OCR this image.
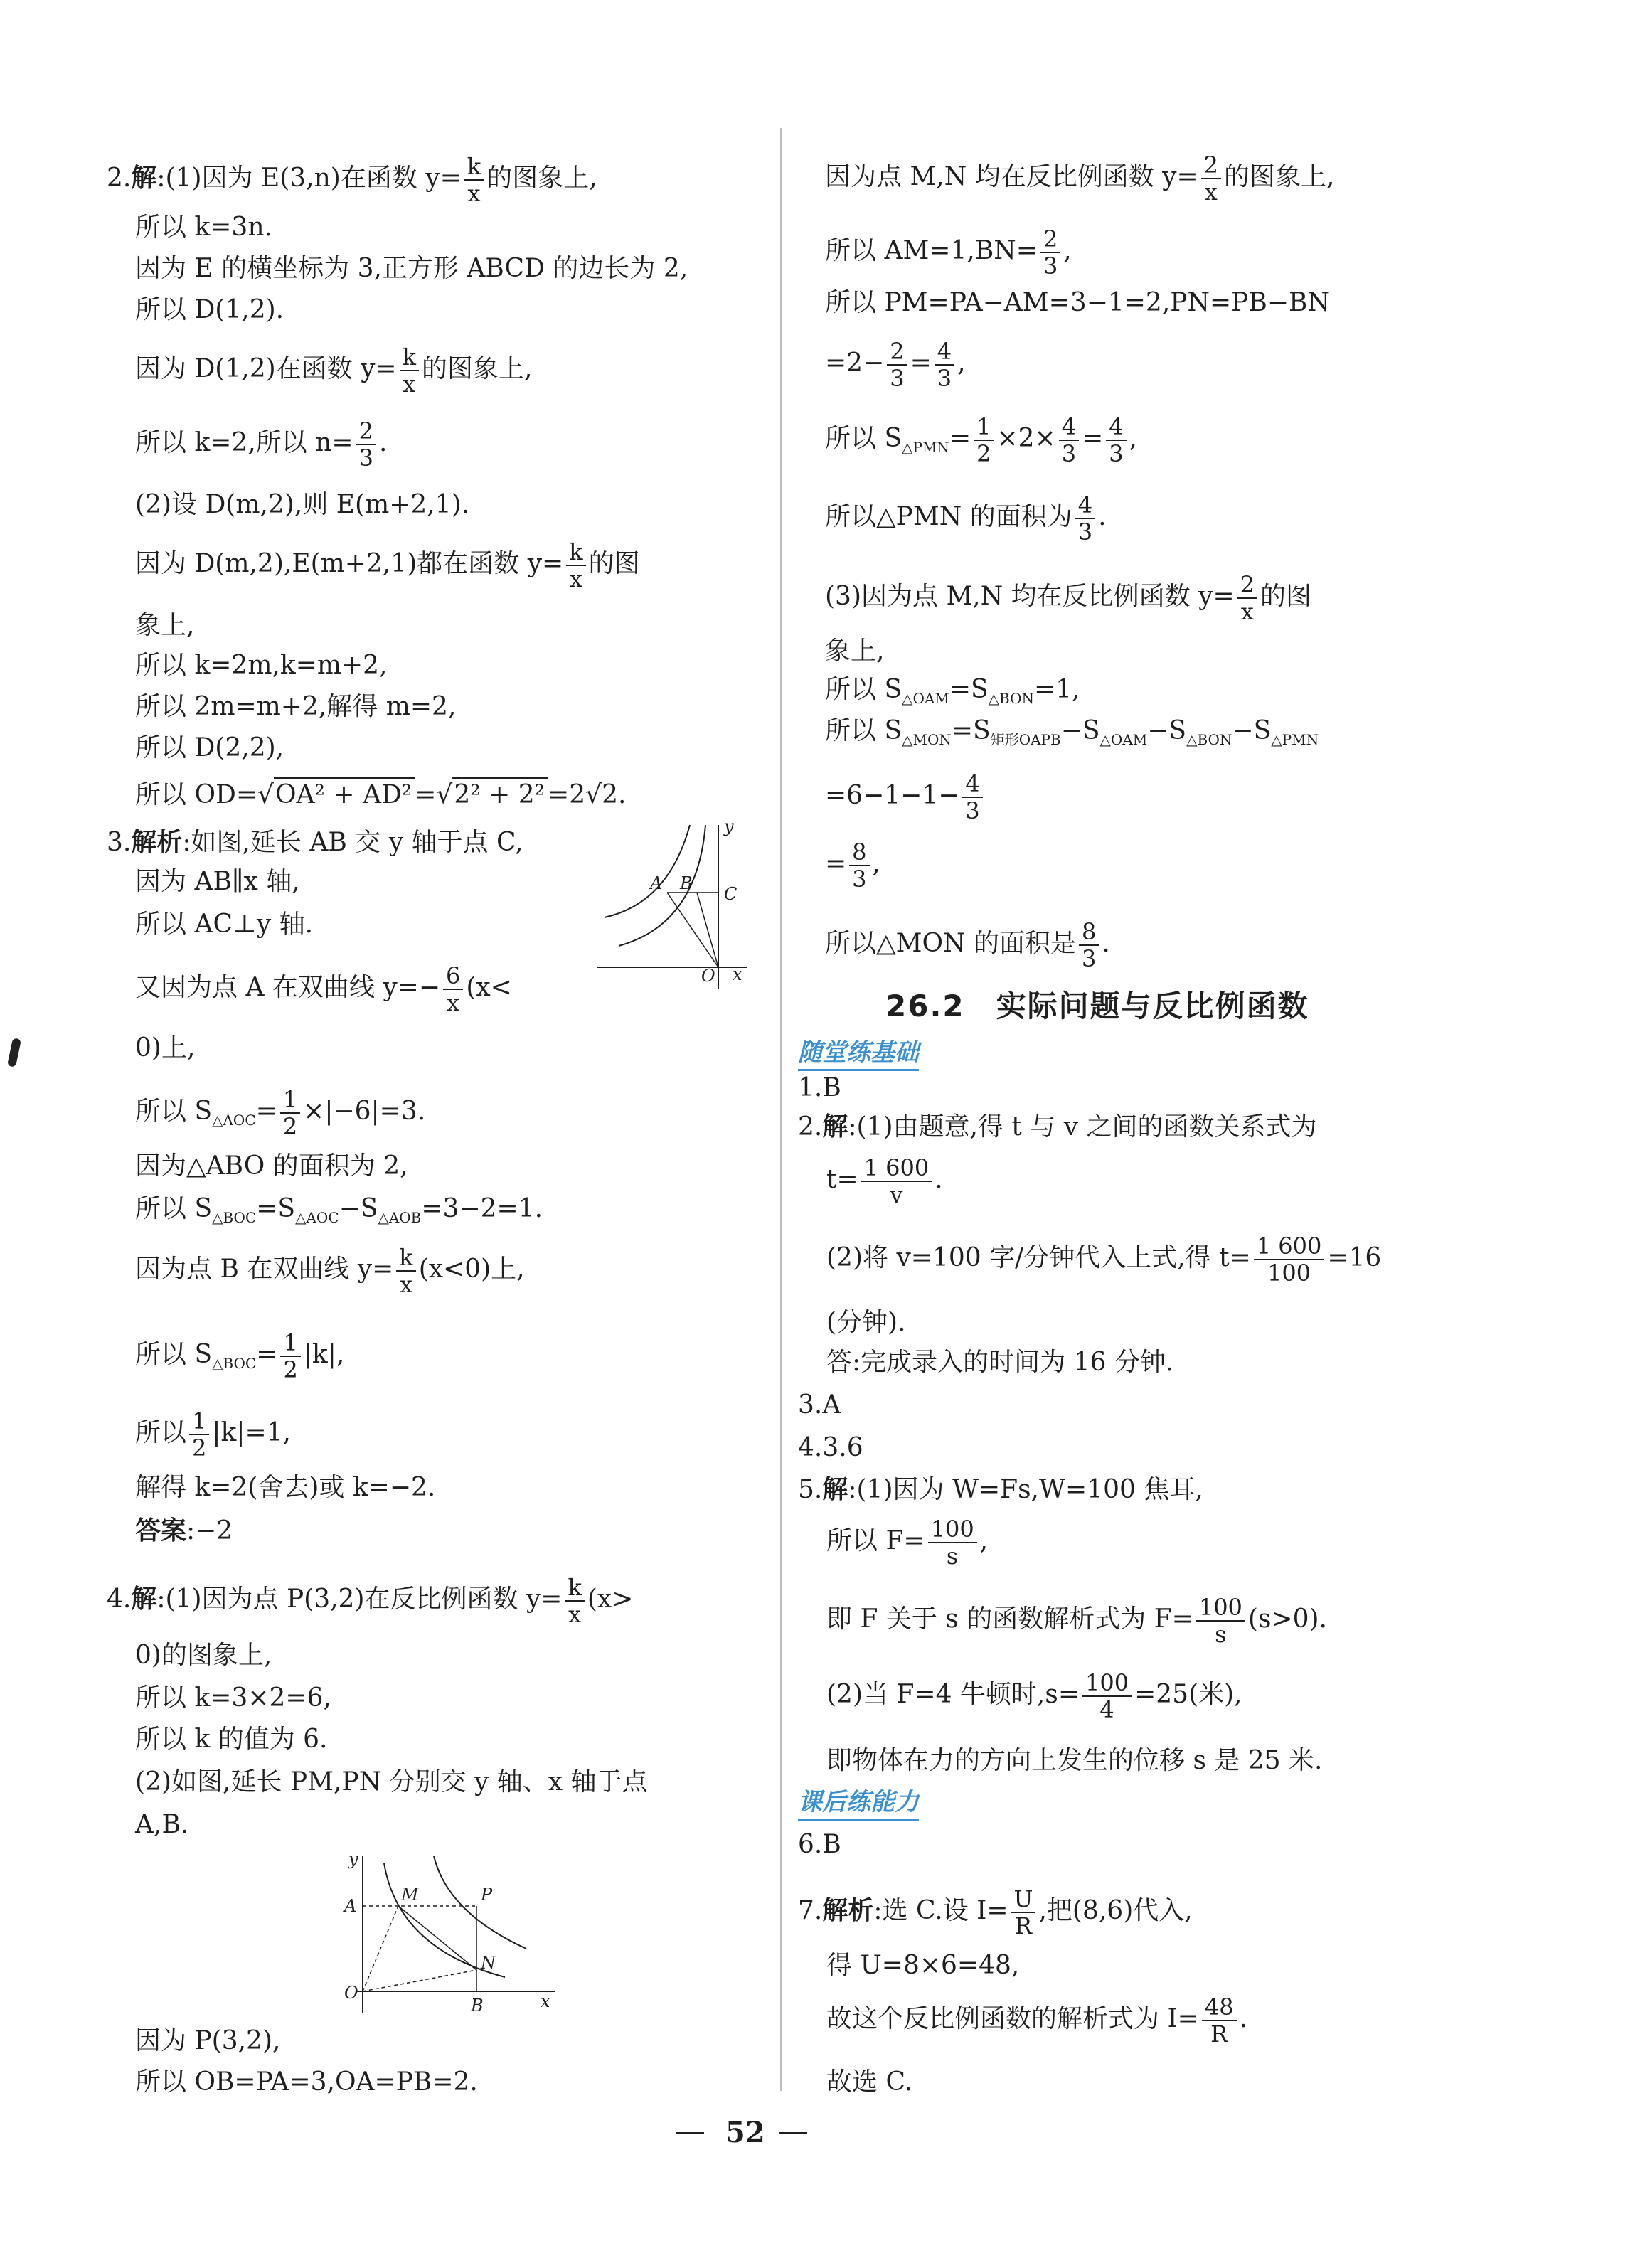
2.解:(1)因为 E(3,n)在函数 $y= \frac{k}{x}$ 的图象上,
所以 k=3n.
因为 E 的横坐标为 3,正方形 ABCD 的边长为 2,
所以 D(1,2).
因为 D(1,2)在函数 $y= \frac{k}{x}$ 的图象上,
所以 k=2,所以 $n= \frac{2}{3}$ .
(2)设 D(m,2),则 E(m+2,1).
因为 D(m,2),E(m+2,1)都在函数 $y= \frac{k}{x}$ 的图
象上,
所以 k=2m,k=m+2,
所以 2m=m+2,解得 m=2,
所以 D(2,2),
所以 OD=√OA² + AD² =√2² + 2² =2√2.
3.解析:如图,延长 AB 交 y 轴于点 C,
因为 AB∥x 轴,
所以 AC⊥y 轴.
又因为点 A 在双曲线 $y=- \frac{6}{x} (x<$
0)上,
所以 $S_{\triangle AOC}= \frac{1}{2} \times|-6|=3$.
因为△ABO 的面积为 2,
所以 $S_{\triangle BOC}=S_{\triangle AOC}-S_{\triangle AOB}=3-2=1$.
因为点 B 在双曲线 $y= \frac{k}{x} (x<0)$上,
所以 $S_{\triangle BOC}= \frac{1}{2} |k|$,
所以 $\frac{1}{2} |k|=1$,
解得 k=2(舍去)或 k=−2.
答案:−2
y
A B
C
O x
4.解:(1)因为点 P(3,2)在反比例函数 $y= \frac{k}{x} (x>$
0)的图象上,
所以 k=3×2=6,
所以 k 的值为 6.
(2)如图,延长 PM,PN 分别交 y 轴、x 轴于点
A,B.
y
A
M	P
N
O
B	x
因为 P(3,2),
所以 OB=PA=3,OA=PB=2.
因为点 M,N 均在反比例函数 $y= \frac{2}{x}$ 的图象上,
所以 $AM=1,BN= \frac{2}{3}$ ,
所以 PM=PA−AM=3−1=2,PN=PB−BN
$=2- \frac{2}{3} = \frac{4}{3}$ ,
所以 $S_{\triangle PMN}= \frac{1}{2} \times 2\times \frac{4}{3} = \frac{4}{3}$ ,
所以△PMN 的面积为 $\frac{4}{3}$ .
(3)因为点 M,N 均在反比例函数 $y= \frac{2}{x}$ 的图
象上,
所以 $S_{\triangle OAM}=S_{\triangle BON}=1$,
所以 $S_{\triangle MON}=S_{矩形OAPB}-S_{\triangle OAM}-S_{\triangle BON}-S_{\triangle PMN}$
$=6-1-1- \frac{4}{3}$
= $\frac{8}{3}$ ,
所以△MON 的面积是 $\frac{8}{3}$ .
26.2　实际问题与反比例函数
随堂练基础
1.B
2.解:(1)由题意,得 t 与 v 之间的函数关系式为
$t= \frac{1 600}{v}$ .
(2)将 v=100 字/分钟代入上式,得 $t= \frac{1 600}{100} =16$
(分钟).
答:完成录入的时间为 16 分钟.
3.A
4.3.6
5.解:(1)因为 W=Fs,W=100 焦耳,
所以 $F= \frac{100}{s}$ ,
即 F 关于 s 的函数解析式为 $F= \frac{100}{s} (s>0)$.
(2)当 F=4 牛顿时$,s= \frac{100}{4} =25$(米),
即物体在力的方向上发生的位移 s 是 25 米.
课后练能力
6.B
7.解析:选 C.设 $I= \frac{U}{R}$ ,把(8,6)代入,
得 U=8×6=48,
故这个反比例函数的解析式为 $I= \frac{48}{R}$ .
故选 C.
52
